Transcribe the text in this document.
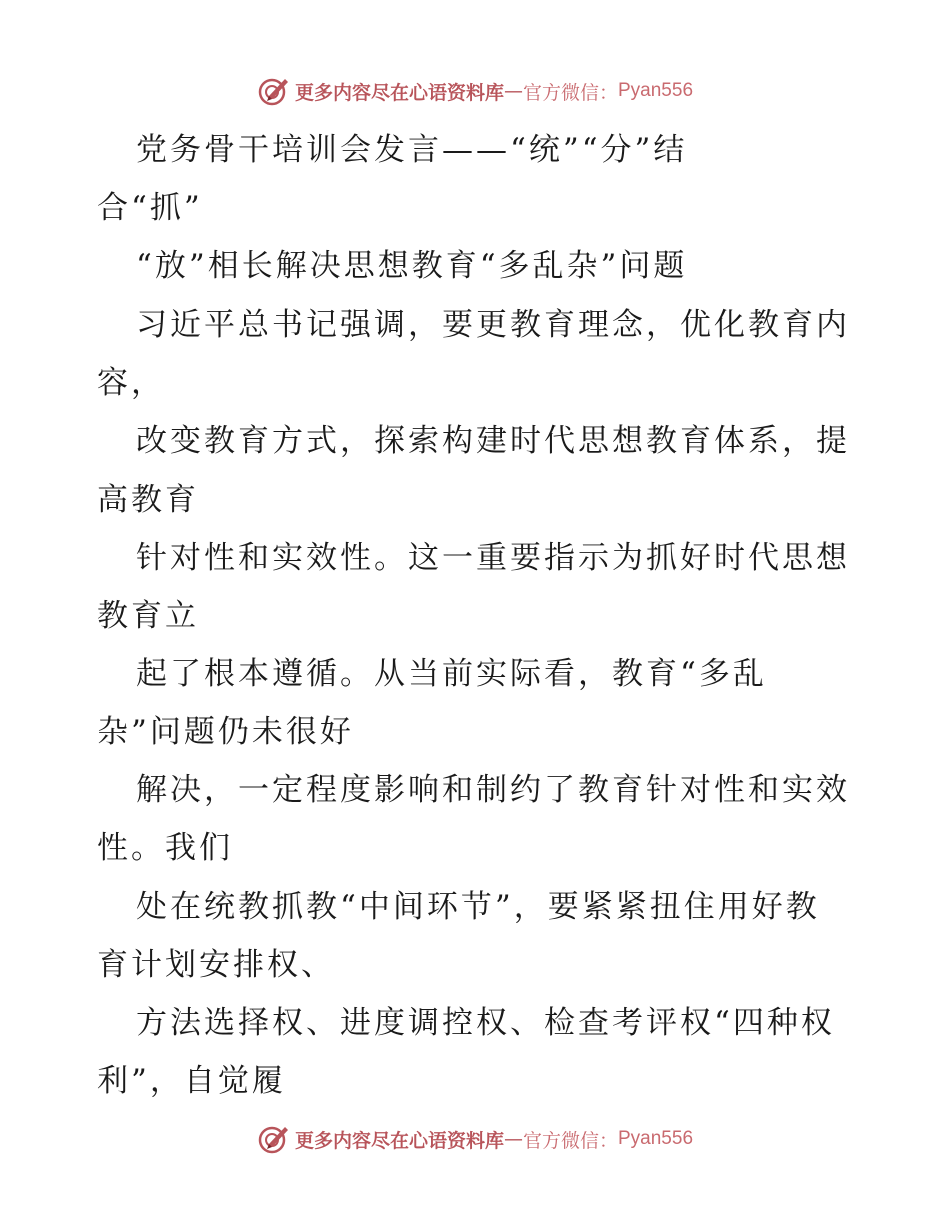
更多内容尽在心语资料库 — 官方微信： Pyan556
党务骨干培训会发言——“统”“分”结
合“抓”
“放”相长解决思想教育“多乱杂”问题
习近平总书记强调，要更教育理念，优化教育内
容，
改变教育方式，探索构建时代思想教育体系，提
高教育
针对性和实效性。这一重要指示为抓好时代思想
教育立
起了根本遵循。从当前实际看，教育“多乱
杂”问题仍未很好
解决，一定程度影响和制约了教育针对性和实效
性。我们
处在统教抓教“中间环节”，要紧紧扭住用好教
育计划安排权、
方法选择权、进度调控权、检查考评权“四种权
利”，自觉履
更多内容尽在心语资料库 — 官方微信： Pyan556
